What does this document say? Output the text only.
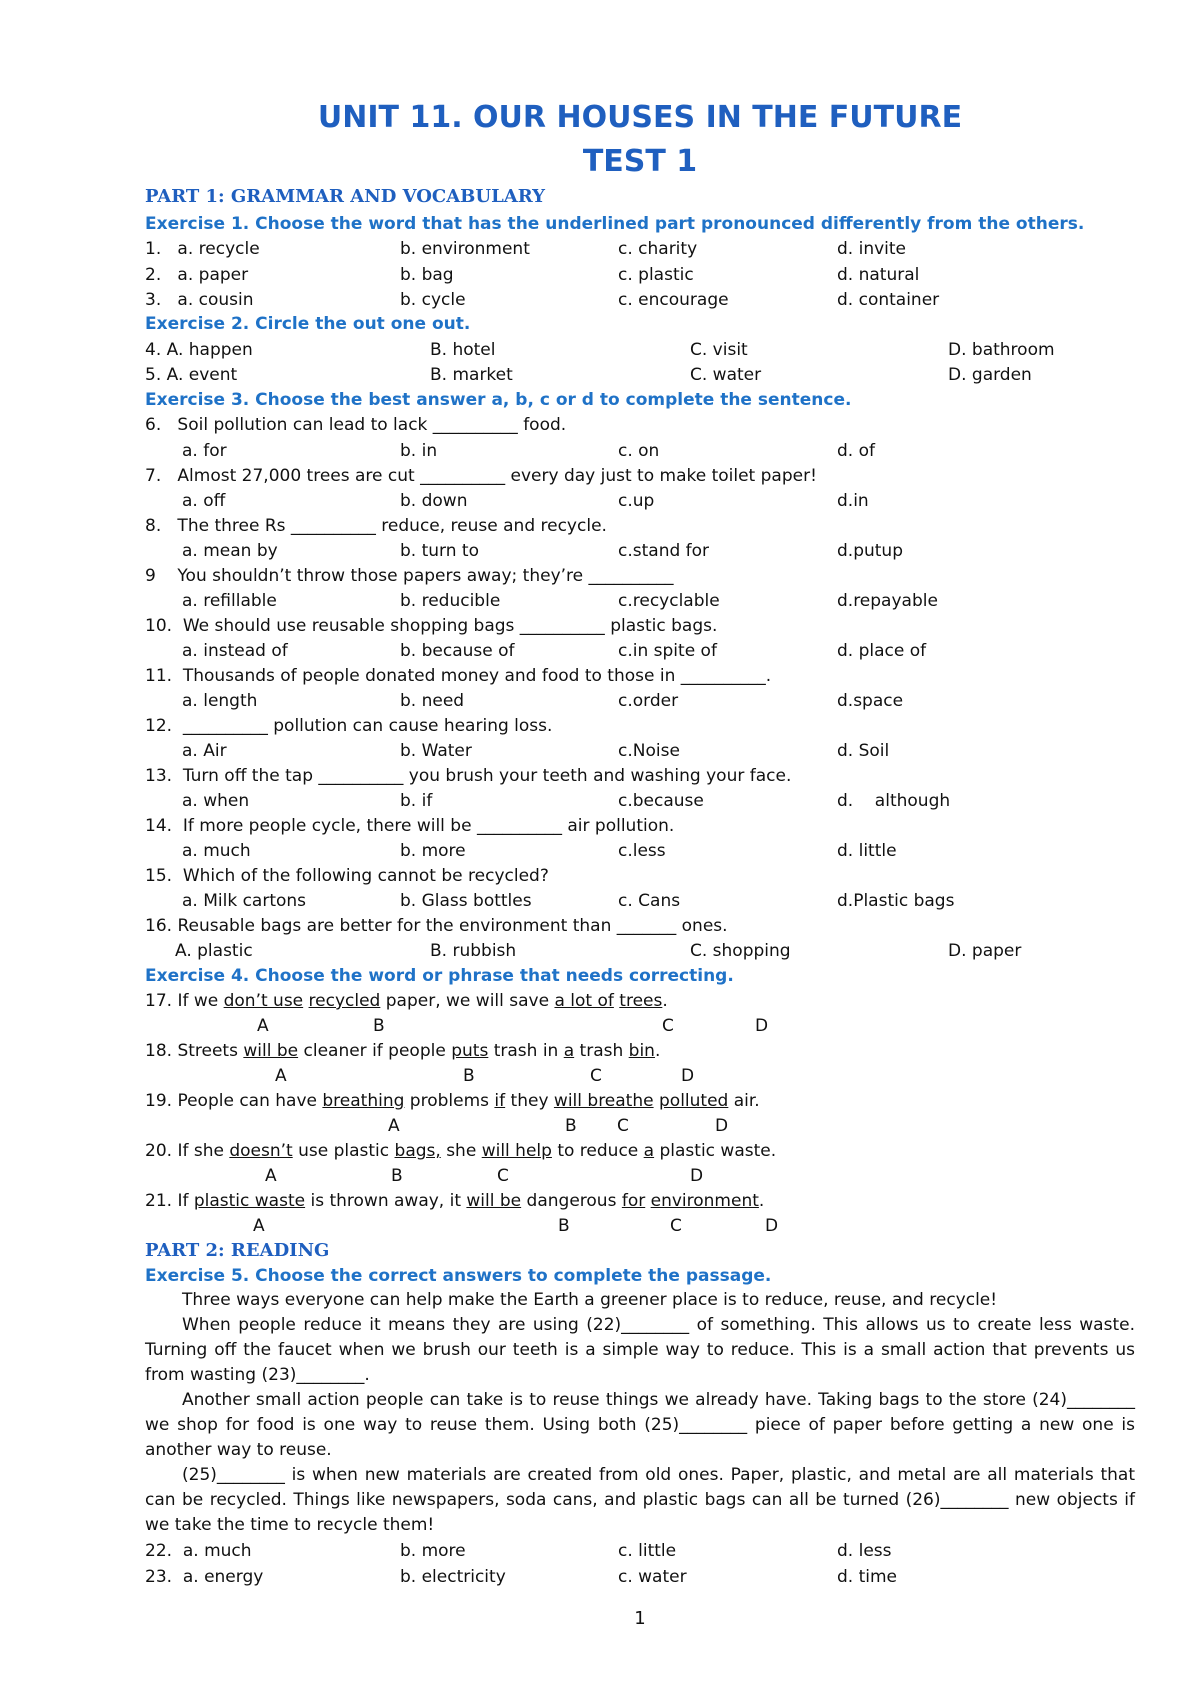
UNIT 11. OUR HOUSES IN THE FUTURE
TEST 1
PART 1: GRAMMAR AND VOCABULARY
Exercise 1. Choose the word that has the underlined part pronounced differently from the others.
1.   a. recycle	b. environment	c. charity	d. invite
2.   a. paper	b. bag	c. plastic	d. natural
3.   a. cousin	b. cycle	c. encourage	d. container
Exercise 2. Circle the out one out.
4. A. happen	B. hotel	C. visit	D. bathroom
5. A. event	B. market	C. water	D. garden
Exercise 3. Choose the best answer a, b, c or d to complete the sentence.
6.   Soil pollution can lead to lack __________ food.
a. for	b. in	c. on	d. of
7.   Almost 27,000 trees are cut __________ every day just to make toilet paper!
a. off	b. down	c.up	d.in
8.   The three Rs __________ reduce, reuse and recycle.
a. mean by	b. turn to	c.stand for	d.putup
9    You shouldn’t throw those papers away; they’re __________
a. refillable	b. reducible	c.recyclable	d.repayable
10.  We should use reusable shopping bags __________ plastic bags.
a. instead of	b. because of	c.in spite of	d. place of
11.  Thousands of people donated money and food to those in __________.
a. length	b. need	c.order	d.space
12.  __________ pollution can cause hearing loss.
a. Air	b. Water	c.Noise	d. Soil
13.  Turn off the tap __________ you brush your teeth and washing your face.
a. when	b. if	c.because	d.    although
14.  If more people cycle, there will be __________ air pollution.
a. much	b. more	c.less	d. little
15.  Which of the following cannot be recycled?
a. Milk cartons	b. Glass bottles	c. Cans	d.Plastic bags
16. Reusable bags are better for the environment than _______ ones.
A. plastic	B. rubbish	C. shopping	D. paper
Exercise 4. Choose the word or phrase that needs correcting.
17. If we don’t use recycled paper, we will save a lot of trees.
A	B	C	D
18. Streets will be cleaner if people puts trash in a trash bin.
A	B	C	D
19. People can have breathing problems if they will breathe polluted air.
A	B C	D
20. If she doesn’t use plastic bags, she will help to reduce a plastic waste.
A	B	C	D
21. If plastic waste is thrown away, it will be dangerous for environment.
A	B	C	D
PART 2: READING
Exercise 5. Choose the correct answers to complete the passage.
Three ways everyone can help make the Earth a greener place is to reduce, reuse, and recycle!
When people reduce it means they are using (22)________ of something. This allows us to create less waste. Turning off the faucet when we brush our teeth is a simple way to reduce. This is a small action that prevents us from wasting (23)________.
Another small action people can take is to reuse things we already have. Taking bags to the store (24)________ we shop for food is one way to reuse them. Using both (25)________ piece of paper before getting a new one is another way to reuse.
(25)________ is when new materials are created from old ones. Paper, plastic, and metal are all materials that can be recycled. Things like newspapers, soda cans, and plastic bags can all be turned (26)________ new objects if we take the time to recycle them!
22.  a. much	b. more	c. little	d. less
23.  a. energy	b. electricity	c. water	d. time
1
